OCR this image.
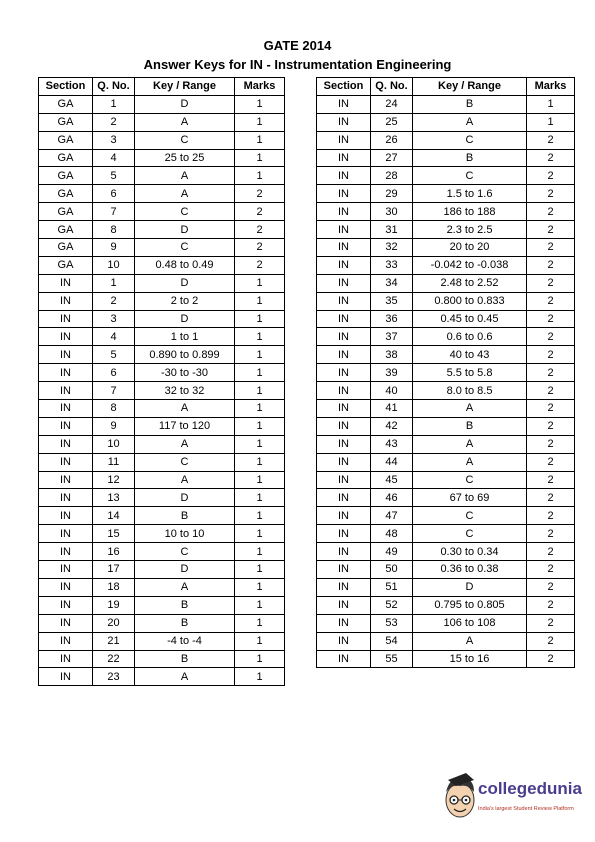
GATE 2014
Answer Keys for IN - Instrumentation Engineering
Section	Q. No.	Key / Range	Marks
GA	1	D	1
GA	2	A	1
GA	3	C	1
GA	4	25 to 25	1
GA	5	A	1
GA	6	A	2
GA	7	C	2
GA	8	D	2
GA	9	C	2
GA	10	0.48 to 0.49	2
IN	1	D	1
IN	2	2 to 2	1
IN	3	D	1
IN	4	1 to 1	1
IN	5	0.890 to 0.899	1
IN	6	-30 to -30	1
IN	7	32 to 32	1
IN	8	A	1
IN	9	117 to 120	1
IN	10	A	1
IN	11	C	1
IN	12	A	1
IN	13	D	1
IN	14	B	1
IN	15	10 to 10	1
IN	16	C	1
IN	17	D	1
IN	18	A	1
IN	19	B	1
IN	20	B	1
IN	21	-4 to -4	1
IN	22	B	1
IN	23	A	1
Section	Q. No.	Key / Range	Marks
IN	24	B	1
IN	25	A	1
IN	26	C	2
IN	27	B	2
IN	28	C	2
IN	29	1.5 to 1.6	2
IN	30	186 to 188	2
IN	31	2.3 to 2.5	2
IN	32	20 to 20	2
IN	33	-0.042 to -0.038	2
IN	34	2.48 to 2.52	2
IN	35	0.800 to 0.833	2
IN	36	0.45 to 0.45	2
IN	37	0.6 to 0.6	2
IN	38	40 to 43	2
IN	39	5.5 to 5.8	2
IN	40	8.0 to 8.5	2
IN	41	A	2
IN	42	B	2
IN	43	A	2
IN	44	A	2
IN	45	C	2
IN	46	67 to 69	2
IN	47	C	2
IN	48	C	2
IN	49	0.30 to 0.34	2
IN	50	0.36 to 0.38	2
IN	51	D	2
IN	52	0.795 to 0.805	2
IN	53	106 to 108	2
IN	54	A	2
IN	55	15 to 16	2
collegedunia
India's largest Student Review Platform
